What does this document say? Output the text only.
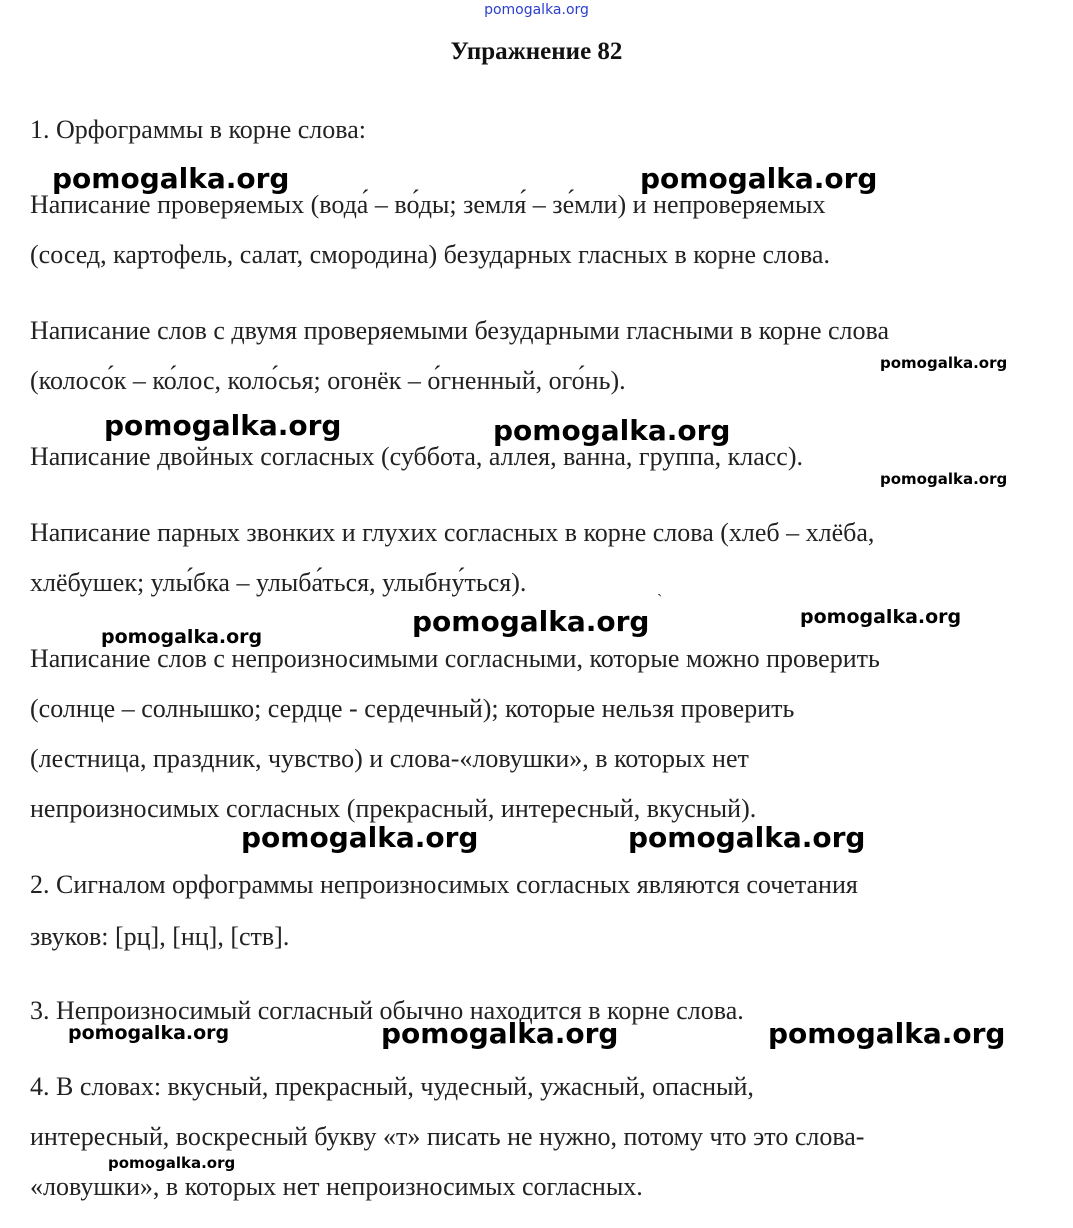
pomogalka.org
Упражнение 82
1. Орфограммы в корне слова:
Написание проверяемых (вода́ – во́ды; земля́ – зе́мли) и непроверяемых
(сосед, картофель, салат, смородина) безударных гласных в корне слова.
Написание слов с двумя проверяемыми безударными гласными в корне слова
(колосо́к – ко́лос, коло́сья; огонёк – о́гненный, ого́нь).
Написание двойных согласных (суббота, аллея, ванна, группа, класс).
Написание парных звонких и глухих согласных в корне слова (хлеб – хлёба,
хлёбушек; улы́бка – улыба́ться, улыбну́ться).
Написание слов с непроизносимыми согласными, которые можно проверить
(солнце – солнышко; сердце - сердечный); которые нельзя проверить
(лестница, праздник, чувство) и слова-«ловушки», в которых нет
непроизносимых согласных (прекрасный, интересный, вкусный).
2. Сигналом орфограммы непроизносимых согласных являются сочетания
звуков: [рц], [нц], [ств].
3. Непроизносимый согласный обычно находится в корне слова.
4. В словах: вкусный, прекрасный, чудесный, ужасный, опасный,
интересный, воскресный букву «т» писать не нужно, потому что это слова-
«ловушки», в которых нет непроизносимых согласных.
ˋ
pomogalka.org	pomogalka.org
pomogalka.org
pomogalka.org	pomogalka.org
pomogalka.org
pomogalka.org
pomogalka.org
pomogalka.org
pomogalka.org	pomogalka.org
pomogalka.org	pomogalka.org	pomogalka.org
pomogalka.org
